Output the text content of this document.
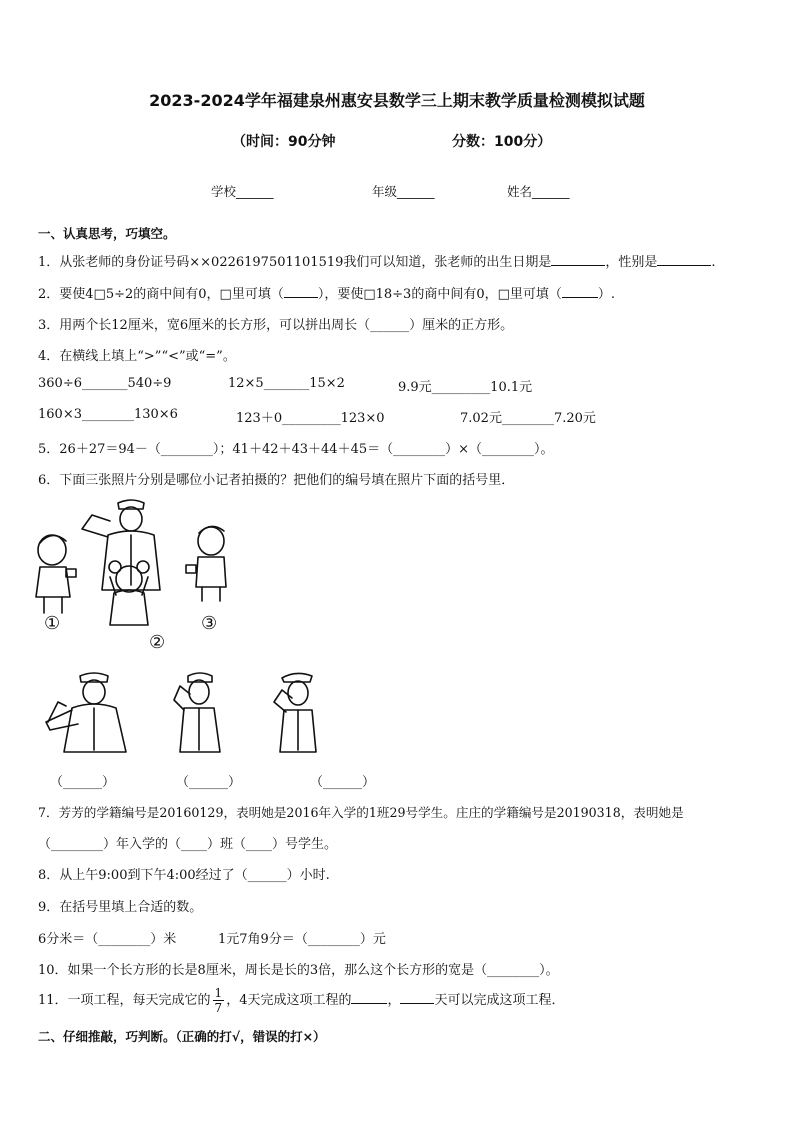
2023-2024学年福建泉州惠安县数学三上期末教学质量检测模拟试题
（时间：90分钟	分数：100分）
学校______	年级______	姓名______
一、认真思考，巧填空。
1．从张老师的身份证号码××0226197501101519我们可以知道，张老师的出生日期是	，性别是	.
2．要使4□5÷2的商中间有0，□里可填（	），要使□18÷3的商中间有0，□里可填（	）.
3．用两个长12厘米，宽6厘米的长方形，可以拼出周长（______）厘米的正方形。
4．在横线上填上“>”“<”或“=”。
360÷6_______540÷9	12×5_______15×2	9.9元_________10.1元
160×3________130×6	123＋0_________123×0	7.02元________7.20元
5．26＋27＝94－（________）；41＋42＋43＋44＋45＝（________）×（________）。
6．下面三张照片分别是哪位小记者拍摄的？把他们的编号填在照片下面的括号里．
①
②
③
（______）	（______）	（______）
7．芳芳的学籍编号是20160129，表明她是2016年入学的1班29号学生。庄庄的学籍编号是20190318，表明她是
（________）年入学的（____）班（____）号学生。
8．从上午9:00到下午4:00经过了（______）小时.
9．在括号里填上合适的数。
6分米＝（________）米	1元7角9分＝（________）元
10．如果一个长方形的长是8厘米，周长是长的3倍，那么这个长方形的宽是（________）。
11．一项工程，每天完成它的 $\frac{1}{7}$ ，4天完成这项工程的	，	天可以完成这项工程．
二、仔细推敲，巧判断。（正确的打√，错误的打×）
